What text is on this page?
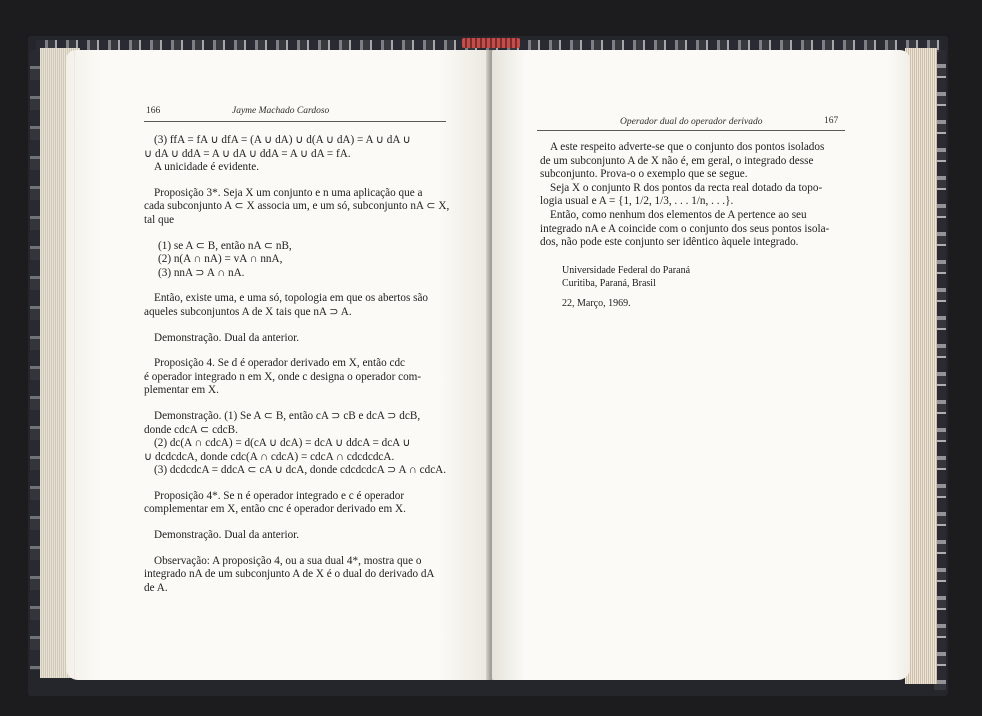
166	Jayme Machado Cardoso

(3) ffA = fA ∪ dfA = (A ∪ dA) ∪ d(A ∪ dA) = A ∪ dA ∪

∪ dA ∪ ddA = A ∪ dA ∪ ddA = A ∪ dA = fA.

A unicidade é evidente.

Proposição 3*. Seja X um conjunto e n uma aplicação que a

cada subconjunto A ⊂ X associa um, e um só, subconjunto nA ⊂ X,

tal que

(1) se A ⊂ B, então nA ⊂ nB,

(2) n(A ∩ nA) = vA ∩ nnA,

(3) nnA ⊃ A ∩ nA.

Então, existe uma, e uma só, topologia em que os abertos são

aqueles subconjuntos A de X tais que nA ⊃ A.

Demonstração. Dual da anterior.

Proposição 4. Se d é operador derivado em X, então cdc

é operador integrado n em X, onde c designa o operador com-

plementar em X.

Demonstração. (1) Se A ⊂ B, então cA ⊃ cB e dcA ⊃ dcB,

donde cdcA ⊂ cdcB.

(2) dc(A ∩ cdcA) = d(cA ∪ dcA) = dcA ∪ ddcA = dcA ∪

∪ dcdcdcA, donde cdc(A ∩ cdcA) = cdcA ∩ cdcdcdcA.

(3) dcdcdcA = ddcA ⊂ cA ∪ dcA, donde cdcdcdcA ⊃ A ∩ cdcA.

Proposição 4*. Se n é operador integrado e c é operador

complementar em X, então cnc é operador derivado em X.

Demonstração. Dual da anterior.

Observação: A proposição 4, ou a sua dual 4*, mostra que o

integrado nA de um subconjunto A de X é o dual do derivado dA

de A.

Operador dual do operador derivado	167

A este respeito adverte-se que o conjunto dos pontos isolados

de um subconjunto A de X não é, em geral, o integrado desse

subconjunto. Prova-o o exemplo que se segue.

Seja X o conjunto R dos pontos da recta real dotado da topo-

logia usual e A = {1, 1/2, 1/3, . . . 1/n, . . .}.

Então, como nenhum dos elementos de A pertence ao seu

integrado nA e A coincide com o conjunto dos seus pontos isola-

dos, não pode este conjunto ser idêntico àquele integrado.

Universidade Federal do Paraná

Curitiba, Paraná, Brasil

22, Março, 1969.
